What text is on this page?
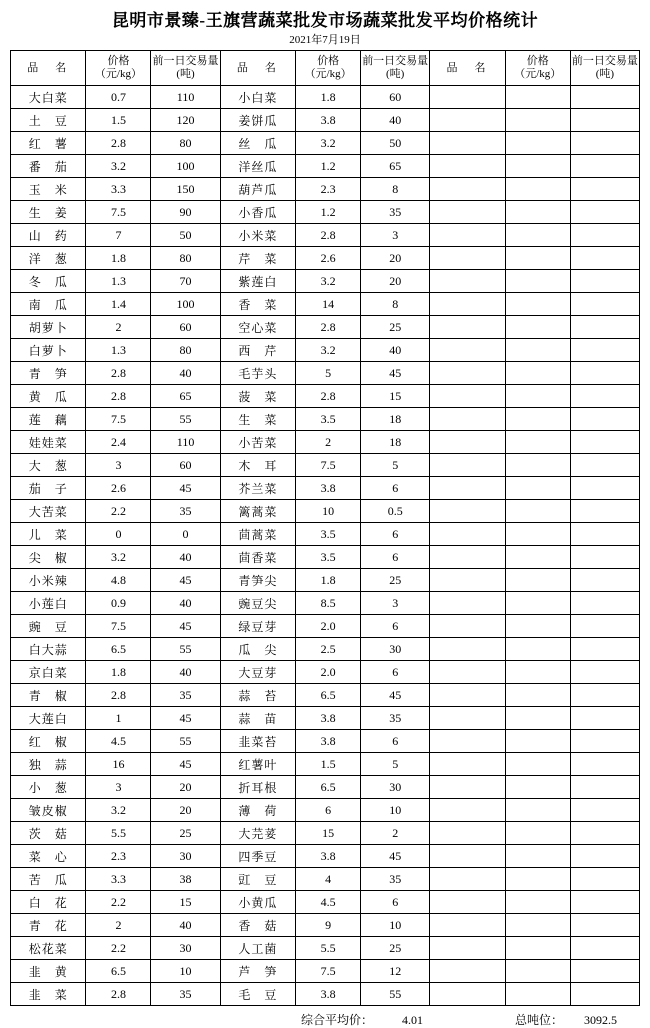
昆明市景臻-王旗营蔬菜批发市场蔬菜批发平均价格统计
2021年7月19日
品　名	价格（元/kg）	前一日交易量(吨)	品　名	价格（元/kg）	前一日交易量(吨)	品　名	价格（元/kg）	前一日交易量(吨)
大白菜	0.7	110	小白菜	1.8	60			
土　豆	1.5	120	姜饼瓜	3.8	40			
红　薯	2.8	80	丝　瓜	3.2	50			
番　茄	3.2	100	洋丝瓜	1.2	65			
玉　米	3.3	150	葫芦瓜	2.3	8			
生　姜	7.5	90	小香瓜	1.2	35			
山　药	7	50	小米菜	2.8	3			
洋　葱	1.8	80	芹　菜	2.6	20			
冬　瓜	1.3	70	紫莲白	3.2	20			
南　瓜	1.4	100	香　菜	14	8			
胡萝卜	2	60	空心菜	2.8	25			
白萝卜	1.3	80	西　芹	3.2	40			
青　笋	2.8	40	毛芋头	5	45			
黄　瓜	2.8	65	菠　菜	2.8	15			
莲　藕	7.5	55	生　菜	3.5	18			
娃娃菜	2.4	110	小苦菜	2	18			
大　葱	3	60	木　耳	7.5	5			
茄　子	2.6	45	芥兰菜	3.8	6			
大苦菜	2.2	35	篱蒿菜	10	0.5			
儿　菜	0	0	茴蒿菜	3.5	6			
尖　椒	3.2	40	茴香菜	3.5	6			
小米辣	4.8	45	青笋尖	1.8	25			
小莲白	0.9	40	豌豆尖	8.5	3			
豌　豆	7.5	45	绿豆芽	2.0	6			
白大蒜	6.5	55	瓜　尖	2.5	30			
京白菜	1.8	40	大豆芽	2.0	6			
青　椒	2.8	35	蒜　苔	6.5	45			
大莲白	1	45	蒜　苗	3.8	35			
红　椒	4.5	55	韭菜苔	3.8	6			
独　蒜	16	45	红薯叶	1.5	5			
小　葱	3	20	折耳根	6.5	30			
皱皮椒	3.2	20	薄　荷	6	10			
茨　菇	5.5	25	大芫荽	15	2			
菜　心	2.3	30	四季豆	3.8	45			
苦　瓜	3.3	38	豇　豆	4	35			
白　花	2.2	15	小黄瓜	4.5	6			
青　花	2	40	香　菇	9	10			
松花菜	2.2	30	人工菌	5.5	25			
韭　黄	6.5	10	芦　笋	7.5	12			
韭　菜	2.8	35	毛　豆	3.8	55			
综合平均价： 4.01	总吨位： 3092.5
